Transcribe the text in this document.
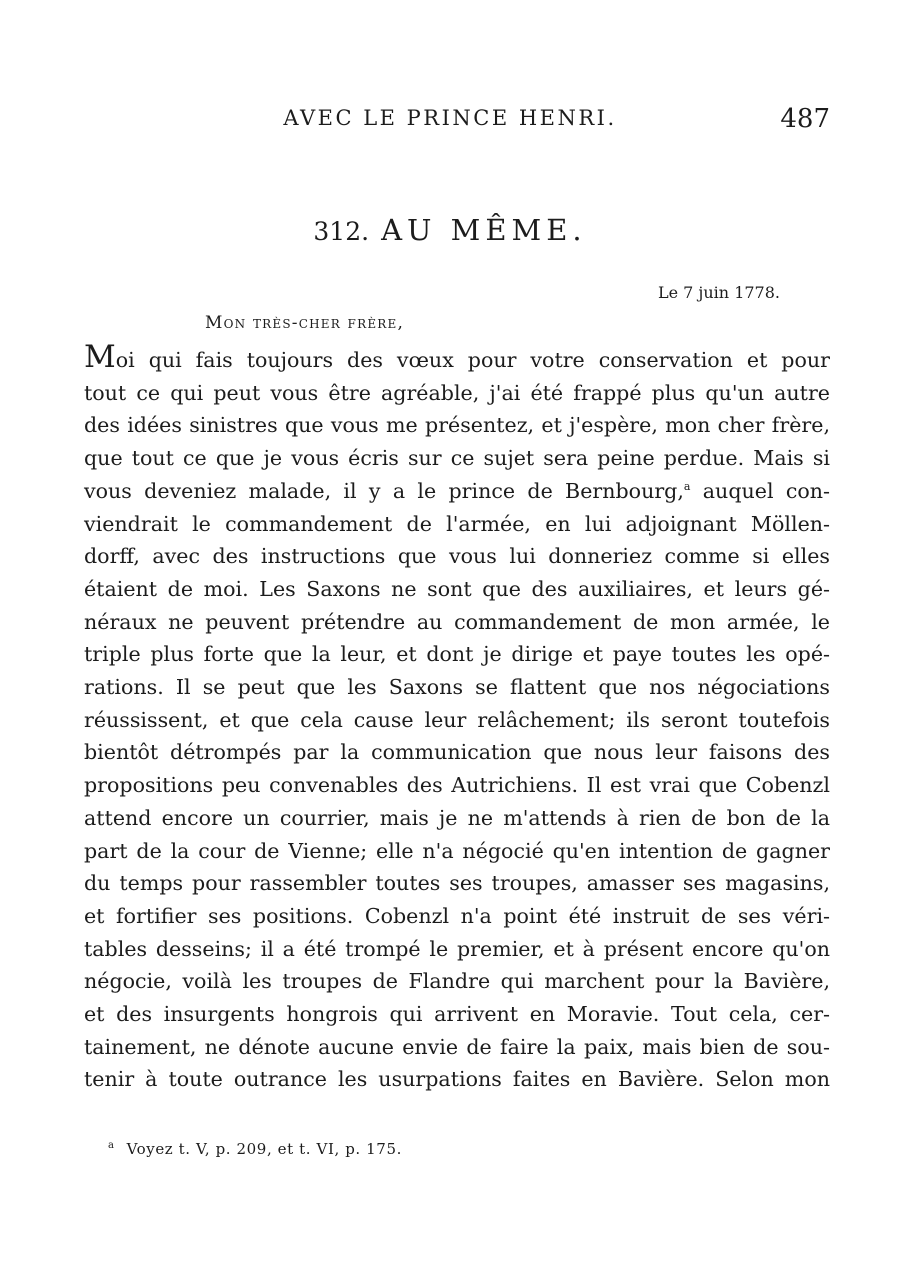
AVEC LE PRINCE HENRI.	487
312. AU MÊME.
Le 7 juin 1778.
Mon très-cher frère,
Moi qui fais toujours des vœux pour votre conservation et pour
tout ce qui peut vous être agréable, j'ai été frappé plus qu'un autre
des idées sinistres que vous me présentez, et j'espère, mon cher frère,
que tout ce que je vous écris sur ce sujet sera peine perdue. Mais si
vous deveniez malade, il y a le prince de Bernbourg,$^a$ auquel con-
viendrait le commandement de l'armée, en lui adjoignant Möllen-
dorff, avec des instructions que vous lui donneriez comme si elles
étaient de moi. Les Saxons ne sont que des auxiliaires, et leurs gé-
néraux ne peuvent prétendre au commandement de mon armée, le
triple plus forte que la leur, et dont je dirige et paye toutes les opé-
rations. Il se peut que les Saxons se flattent que nos négociations
réussissent, et que cela cause leur relâchement; ils seront toutefois
bientôt détrompés par la communication que nous leur faisons des
propositions peu convenables des Autrichiens. Il est vrai que Cobenzl
attend encore un courrier, mais je ne m'attends à rien de bon de la
part de la cour de Vienne; elle n'a négocié qu'en intention de gagner
du temps pour rassembler toutes ses troupes, amasser ses magasins,
et fortifier ses positions. Cobenzl n'a point été instruit de ses véri-
tables desseins; il a été trompé le premier, et à présent encore qu'on
négocie, voilà les troupes de Flandre qui marchent pour la Bavière,
et des insurgents hongrois qui arrivent en Moravie. Tout cela, cer-
tainement, ne dénote aucune envie de faire la paix, mais bien de sou-
tenir à toute outrance les usurpations faites en Bavière. Selon mon
$^a$ Voyez t. V, p. 209, et t. VI, p. 175.
